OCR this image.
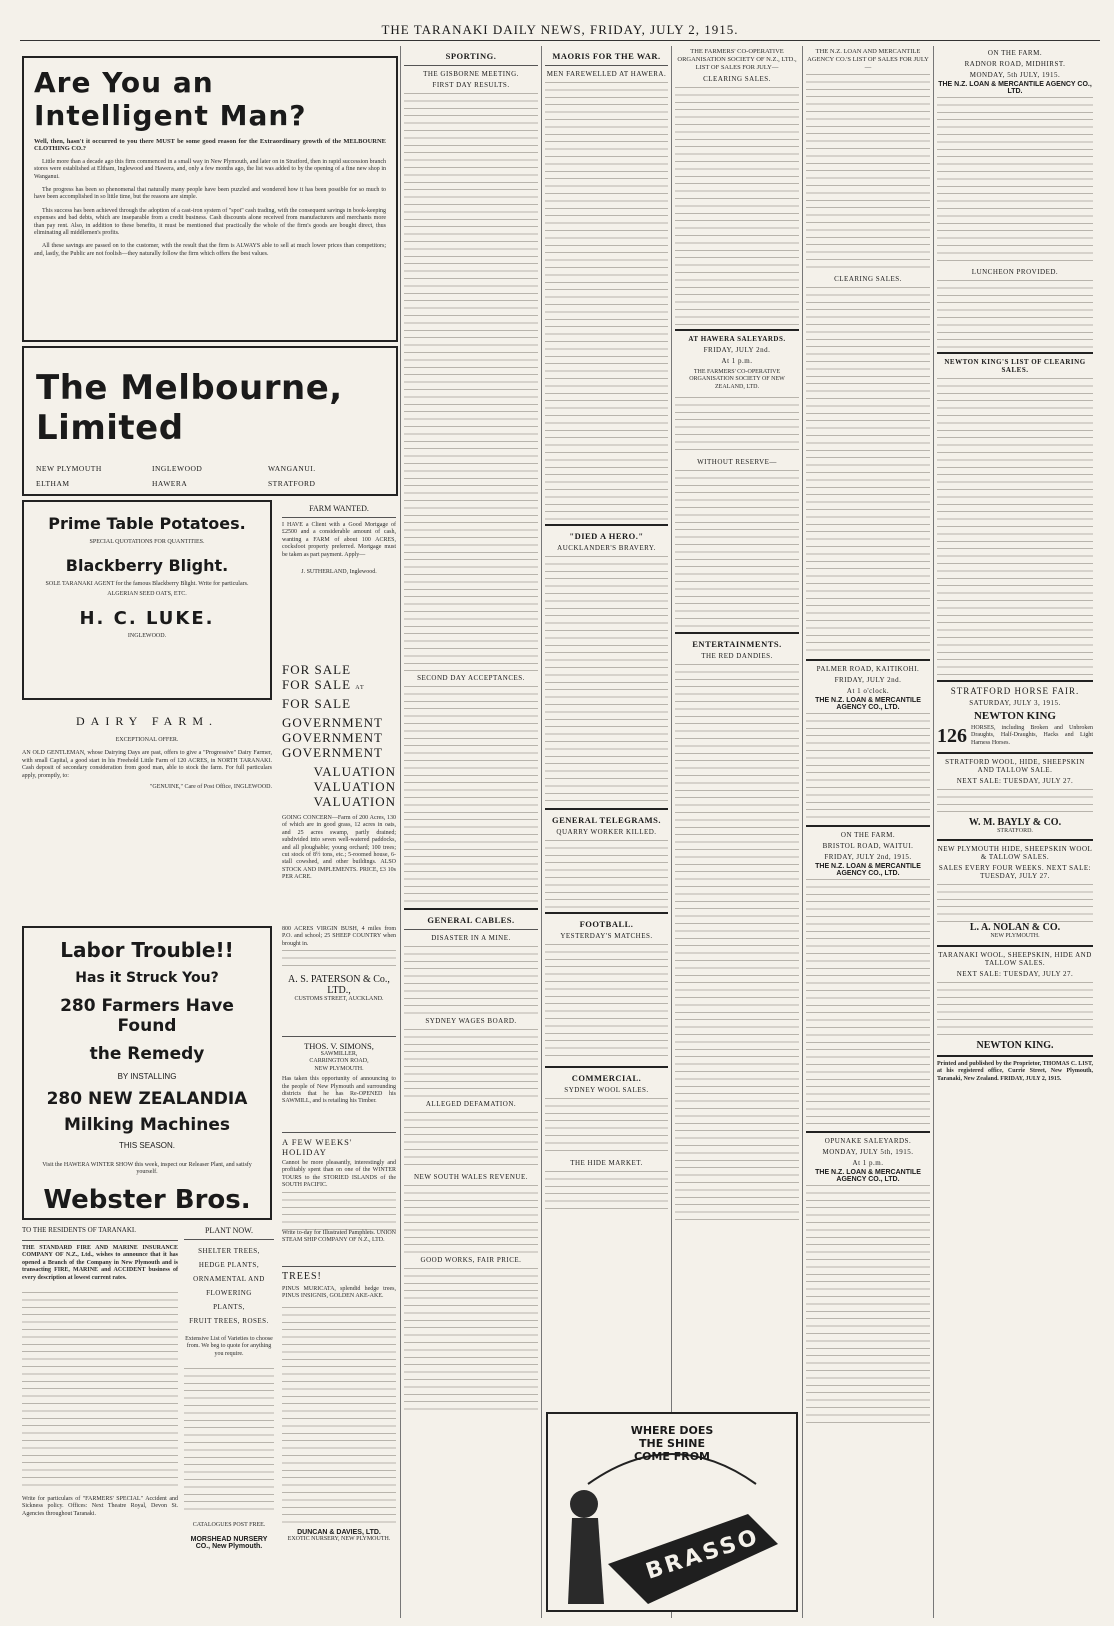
THE TARANAKI DAILY NEWS, FRIDAY, JULY 2, 1915.
Are You an Intelligent Man?
Well, then, hasn't it occurred to you there MUST be some good reason for the Extraordinary growth of the MELBOURNE CLOTHING CO.?
Little more than a decade ago this firm commenced in a small way in New Plymouth, and later on in Stratford, then in rapid succession branch stores were established at Eltham, Inglewood and Hawera, and, only a few months ago, the list was added to by the opening of a fine new shop in Wanganui.
The progress has been so phenomenal that naturally many people have been puzzled and wondered how it has been possible for so much to have been accomplished in so little time, but the reasons are simple.
This success has been achieved through the adoption of a cast-iron system of "spot" cash trading, with the consequent savings in book-keeping expenses and bad debts, which are inseparable from a credit business. Cash discounts alone received from manufacturers and merchants more than pay rent. Also, in addition to these benefits, it must be mentioned that practically the whole of the firm's goods are bought direct, thus eliminating all middlemen's profits.
All these savings are passed on to the customer, with the result that the firm is ALWAYS able to sell at much lower prices than competitors; and, lastly, the Public are not foolish—they naturally follow the firm which offers the best values.
The Melbourne, Limited
NEW PLYMOUTH	INGLEWOOD	WANGANUI.
ELTHAM	HAWERA	STRATFORD
Prime Table Potatoes.
SPECIAL QUOTATIONS FOR QUANTITIES.
Blackberry Blight.
SOLE TARANAKI AGENT for the famous Blackberry Blight. Write for particulars.
ALGERIAN SEED OATS, ETC.
H. C. LUKE.
INGLEWOOD.
DAIRY FARM.
EXCEPTIONAL OFFER.
AN OLD GENTLEMAN, whose Dairying Days are past, offers to give a "Progressive" Dairy Farmer, with small Capital, a good start in his Freehold Little Farm of 120 ACRES, in NORTH TARANAKI. Cash deposit of secondary consideration from good man, able to stock the farm. For full particulars apply, promptly, to:
"GENUINE," Care of Post Office, INGLEWOOD.
Labor Trouble!!
Has it Struck You?
280 Farmers Have Found
the Remedy
BY INSTALLING
280 NEW ZEALANDIA
Milking Machines
THIS SEASON.
Visit the HAWERA WINTER SHOW this week, inspect our Releaser Plant, and satisfy yourself.
Webster Bros.
TO THE RESIDENTS OF TARANAKI.
THE STANDARD FIRE AND MARINE INSURANCE COMPANY OF N.Z., Ltd., wishes to announce that it has opened a Branch of the Company in New Plymouth and is transacting FIRE, MARINE and ACCIDENT business of every description at lowest current rates.
Write for particulars of "FARMERS' SPECIAL" Accident and Sickness policy. Offices: Next Theatre Royal, Devon St. Agencies throughout Taranaki.
PLANT NOW.
SHELTER TREES,
HEDGE PLANTS,
ORNAMENTAL AND FLOWERING
PLANTS,
FRUIT TREES, ROSES.
Extensive List of Varieties to choose from. We beg to quote for anything you require.
CATALOGUES POST FREE.
MORSHEAD NURSERY CO., New Plymouth.
FARM WANTED.
I HAVE a Client with a Good Mortgage of £2500 and a considerable amount of cash, wanting a FARM of about 100 ACRES, cocksfoot property preferred. Mortgage must be taken as part payment. Apply—
J. SUTHERLAND, Inglewood.
FOR SALE
FOR SALE AT
FOR SALE
GOVERNMENT
GOVERNMENT
GOVERNMENT
VALUATION
VALUATION
VALUATION
GOING CONCERN—Farm of 200 Acres, 130 of which are in good grass, 12 acres in oats, and 25 acres swamp, partly drained; subdivided into seven well-watered paddocks, and all ploughable; young orchard; 100 trees; cut stock of 8½ tons, etc.; 5-roomed house, 6-stall cowshed, and other buildings. ALSO STOCK AND IMPLEMENTS. PRICE, £3 10s PER ACRE.
800 ACRES VIRGIN BUSH, 4 miles from P.O. and school; 25 SHEEP COUNTRY when brought in.
A. S. PATERSON & Co., LTD.,
CUSTOMS STREET, AUCKLAND.
THOS. V. SIMONS,
SAWMILLER,
CARRINGTON ROAD,
NEW PLYMOUTH.
Has taken this opportunity of announcing to the people of New Plymouth and surrounding districts that he has Re-OPENED his SAWMILL, and is retailing his Timber.
A FEW WEEKS' HOLIDAY
Cannot be more pleasantly, interestingly and profitably spent than on one of the WINTER TOURS to the STORIED ISLANDS of the SOUTH PACIFIC.
Write to-day for Illustrated Pamphlets. UNION STEAM SHIP COMPANY OF N.Z., LTD.
TREES!
PINUS MURICATA, splendid hedge trees, PINUS INSIGNIS, GOLDEN AKE-AKE.
DUNCAN & DAVIES, LTD.
EXOTIC NURSERY, NEW PLYMOUTH.
SPORTING.
THE GISBORNE MEETING.
FIRST DAY RESULTS.
SECOND DAY ACCEPTANCES.
GENERAL CABLES.
DISASTER IN A MINE.
SYDNEY WAGES BOARD.
ALLEGED DEFAMATION.
NEW SOUTH WALES REVENUE.
GOOD WORKS, FAIR PRICE.
MAORIS FOR THE WAR.
MEN FAREWELLED AT HAWERA.
"DIED A HERO."
AUCKLANDER'S BRAVERY.
GENERAL TELEGRAMS.
QUARRY WORKER KILLED.
FOOTBALL.
YESTERDAY'S MATCHES.
COMMERCIAL.
SYDNEY WOOL SALES.
THE HIDE MARKET.
THE FARMERS' CO-OPERATIVE ORGANISATION SOCIETY OF N.Z., LTD., LIST OF SALES FOR JULY—
CLEARING SALES.
AT HAWERA SALEYARDS.
FRIDAY, JULY 2nd.
At 1 p.m.
THE FARMERS' CO-OPERATIVE ORGANISATION SOCIETY OF NEW ZEALAND, LTD.
WITHOUT RESERVE—
ENTERTAINMENTS.
THE RED DANDIES.
WHERE DOES
THE SHINE
COME FROM
BRASSO
THE N.Z. LOAN AND MERCANTILE AGENCY CO.'S LIST OF SALES FOR JULY—
CLEARING SALES.
PALMER ROAD, KAITIKOHI.
FRIDAY, JULY 2nd.
At 1 o'clock.
THE N.Z. LOAN & MERCANTILE AGENCY CO., LTD.
ON THE FARM.
BRISTOL ROAD, WAITUI.
FRIDAY, JULY 2nd, 1915.
THE N.Z. LOAN & MERCANTILE AGENCY CO., LTD.
OPUNAKE SALEYARDS.
MONDAY, JULY 5th, 1915.
At 1 p.m.
THE N.Z. LOAN & MERCANTILE AGENCY CO., LTD.
ON THE FARM.
RADNOR ROAD, MIDHIRST.
MONDAY, 5th JULY, 1915.
THE N.Z. LOAN & MERCANTILE AGENCY CO., LTD.
LUNCHEON PROVIDED.
NEWTON KING'S LIST OF CLEARING SALES.
STRATFORD HORSE FAIR.
SATURDAY, JULY 3, 1915.
NEWTON KING
126 HORSES, including Broken and Unbroken Draughts, Half-Draughts, Hacks and Light Harness Horses.
STRATFORD WOOL, HIDE, SHEEPSKIN AND TALLOW SALE.
NEXT SALE: TUESDAY, JULY 27.
W. M. BAYLY & CO.
STRATFORD.
NEW PLYMOUTH HIDE, SHEEPSKIN WOOL & TALLOW SALES.
SALES EVERY FOUR WEEKS. NEXT SALE: TUESDAY, JULY 27.
L. A. NOLAN & CO.
NEW PLYMOUTH.
TARANAKI WOOL, SHEEPSKIN, HIDE AND TALLOW SALES.
NEXT SALE: TUESDAY, JULY 27.
NEWTON KING.
Printed and published by the Proprietor, THOMAS C. LIST, at his registered office, Currie Street, New Plymouth, Taranaki, New Zealand. FRIDAY, JULY 2, 1915.
